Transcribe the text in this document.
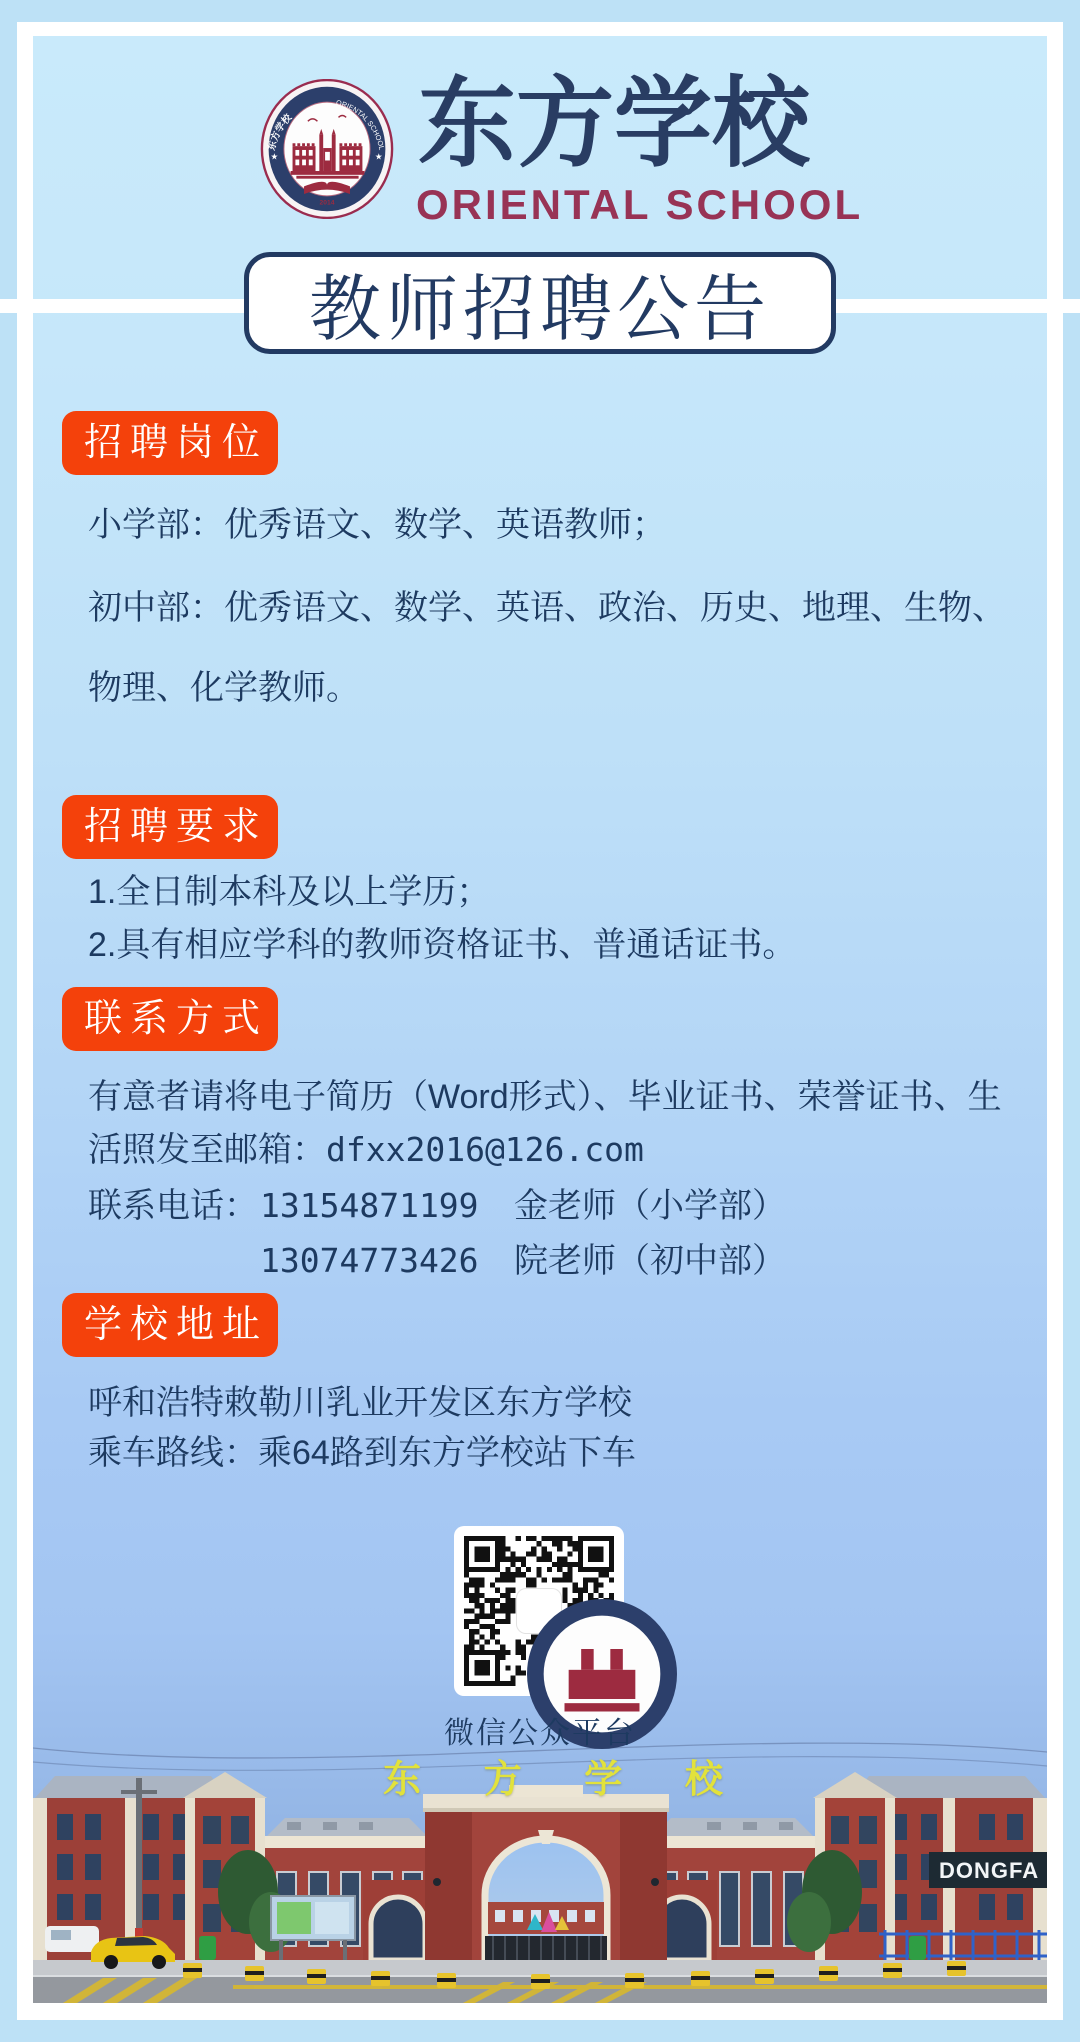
DONGFA
东方学校
ORIENTAL SCHOOL
★	★
2014
东方学校
ORIENTAL SCHOOL
教师招聘公告
招聘岗位
小学部：优秀语文、数学、英语教师；
初中部：优秀语文、数学、英语、政治、历史、地理、生物、
物理、化学教师。
招聘要求
1.全日制本科及以上学历；
2.具有相应学科的教师资格证书、普通话证书。
联系方式
有意者请将电子简历（Word形式）、毕业证书、荣誉证书、生
活照发至邮箱：dfxx2016@126.com
联系电话： 13154871199	金老师（小学部）
13074773426	院老师（初中部）
学校地址
呼和浩特敕勒川乳业开发区东方学校
乘车路线：乘64路到东方学校站下车
微信公众平台
东 方 学 校
